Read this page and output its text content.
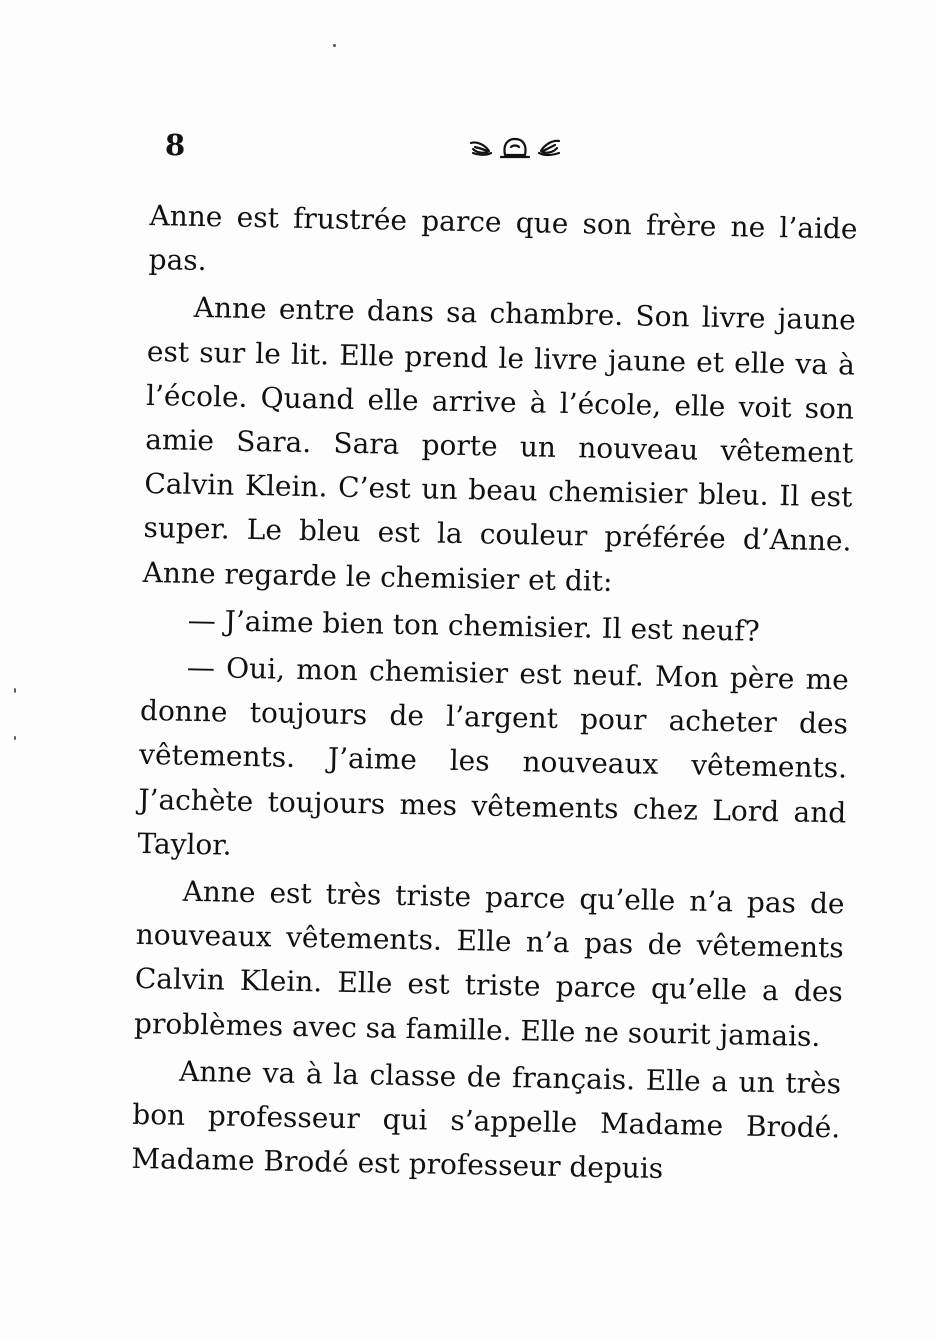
8

Anne est frustrée parce que son frère ne l’aide pas.

Anne entre dans sa chambre. Son livre jaune est sur le lit. Elle prend le livre jaune et elle va à l’école. Quand elle arrive à l’école, elle voit son amie Sara. Sara porte un nouveau vêtement Calvin Klein. C’est un beau chemisier bleu. Il est super. Le bleu est la couleur préférée d’Anne. Anne regarde le chemisier et dit:

— J’aime bien ton chemisier. Il est neuf?

— Oui, mon chemisier est neuf. Mon père me donne toujours de l’argent pour acheter des vêtements. J’aime les nouveaux vêtements. J’achète toujours mes vêtements chez Lord and Taylor.

Anne est très triste parce qu’elle n’a pas de nouveaux vêtements. Elle n’a pas de vêtements Calvin Klein. Elle est triste parce qu’elle a des problèmes avec sa famille. Elle ne sourit jamais.

Anne va à la classe de français. Elle a un très bon professeur qui s’appelle Madame Brodé. Madame Brodé est professeur depuis
